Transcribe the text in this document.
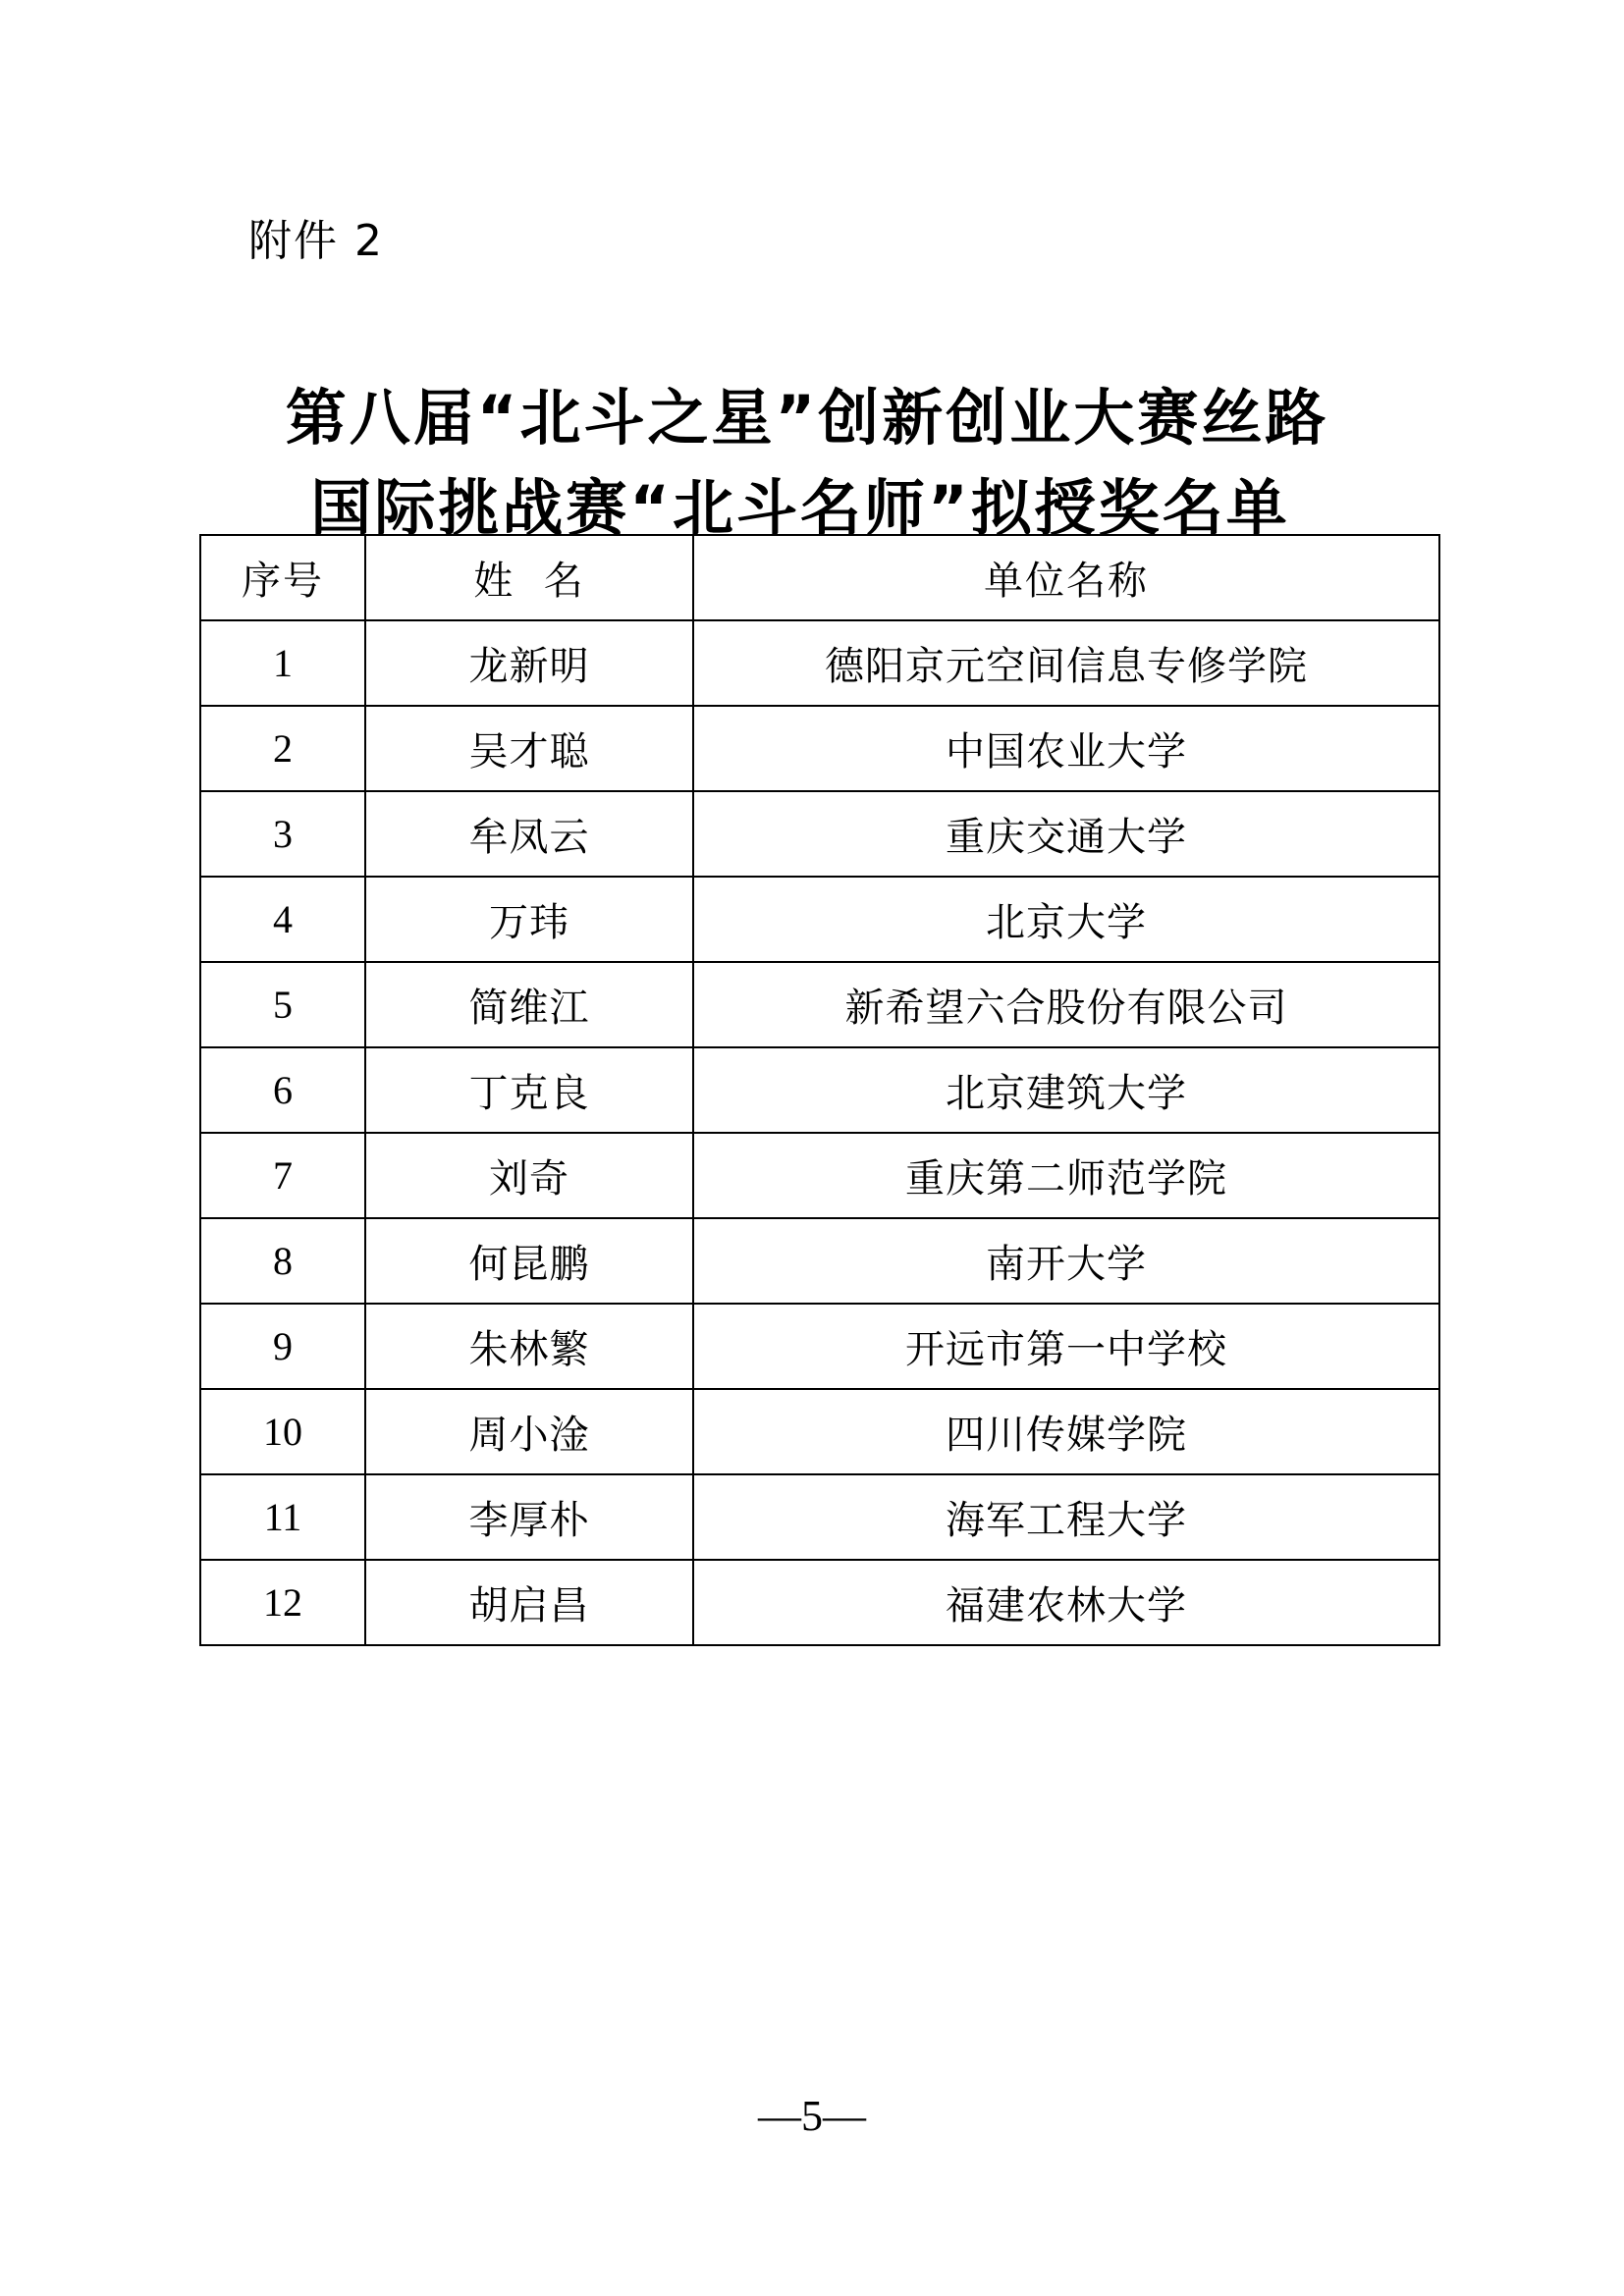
附件 2
第八届“北斗之星”创新创业大赛丝路
国际挑战赛“北斗名师”拟授奖名单
序号	姓  名	单位名称
1	龙新明	德阳京元空间信息专修学院
2	吴才聪	中国农业大学
3	牟凤云	重庆交通大学
4	万玮	北京大学
5	简维江	新希望六合股份有限公司
6	丁克良	北京建筑大学
7	刘奇	重庆第二师范学院
8	何昆鹏	南开大学
9	朱林繁	开远市第一中学校
10	周小淦	四川传媒学院
11	李厚朴	海军工程大学
12	胡启昌	福建农林大学
—5—
